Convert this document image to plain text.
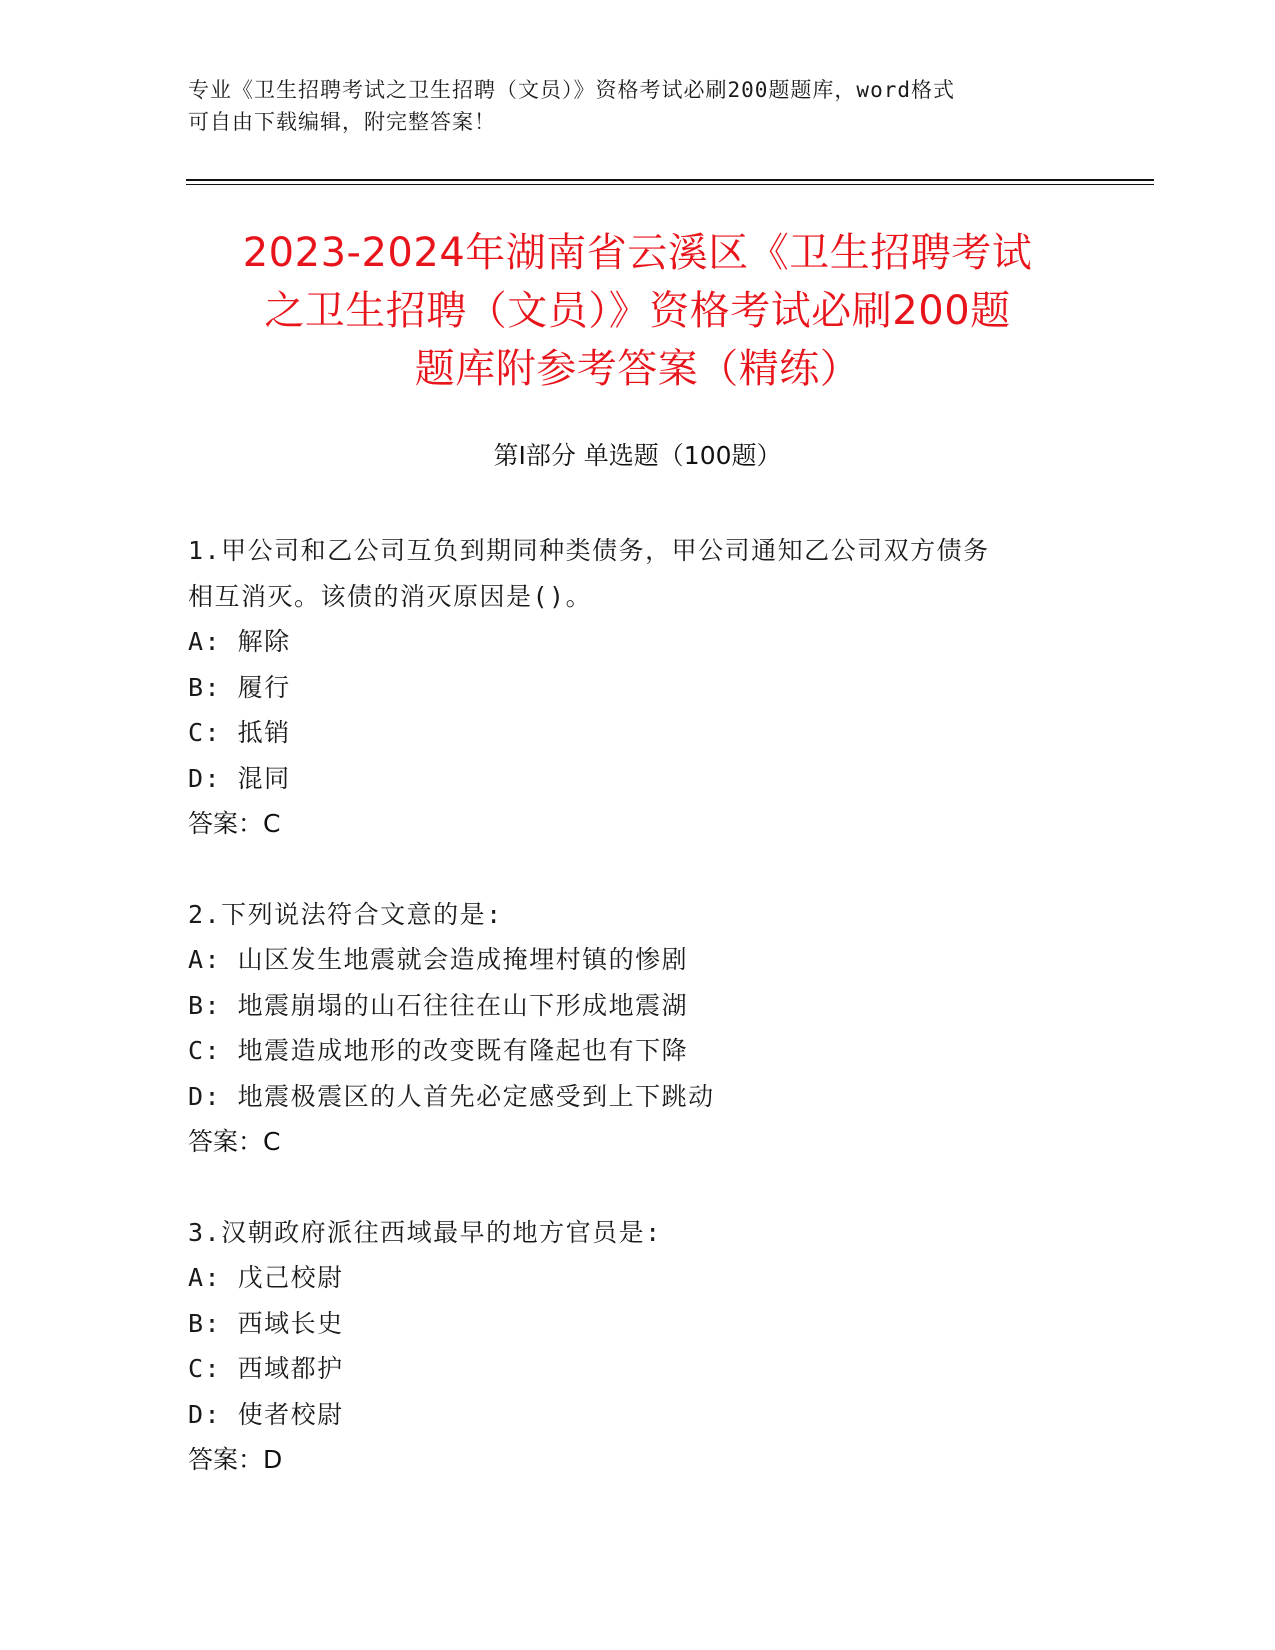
专业《卫生招聘考试之卫生招聘（文员）》资格考试必刷200题题库，word格式
可自由下载编辑，附完整答案！
2023-2024年湖南省云溪区《卫生招聘考试
之卫生招聘（文员）》资格考试必刷200题
题库附参考答案（精练）
第Ⅰ部分 单选题（100题）
1.甲公司和乙公司互负到期同种类债务，甲公司通知乙公司双方债务
相互消灭。该债的消灭原因是()。
A: 解除
B: 履行
C: 抵销
D: 混同
答案：C
2.下列说法符合文意的是:
A: 山区发生地震就会造成掩埋村镇的惨剧
B: 地震崩塌的山石往往在山下形成地震湖
C: 地震造成地形的改变既有隆起也有下降
D: 地震极震区的人首先必定感受到上下跳动
答案：C
3.汉朝政府派往西域最早的地方官员是:
A: 戊己校尉
B: 西域长史
C: 西域都护
D: 使者校尉
答案：D
